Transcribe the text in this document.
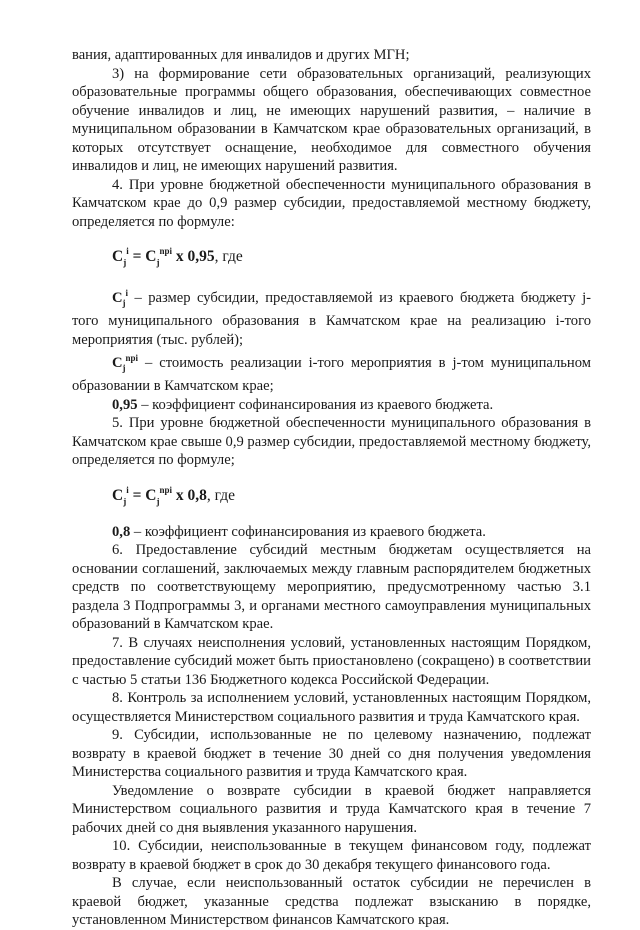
вания, адаптированных для инвалидов и других МГН;

3) на формирование сети образовательных организаций, реализующих образовательные программы общего образования, обеспечивающих совместное обучение инвалидов и лиц, не имеющих нарушений развития, – наличие в муниципальном образовании в Камчатском крае образовательных организаций, в которых отсутствует оснащение, необходимое для совместного обучения инвалидов и лиц, не имеющих нарушений развития.

4. При уровне бюджетной обеспеченности муниципального образования в Камчатском крае до 0,9 размер субсидии, предоставляемой местному бюджету, определяется по формуле:

$C_j^i = C_j^{npi}$ x 0,95, где

$C_j^i$ – размер субсидии, предоставляемой из краевого бюджета бюджету j-того муниципального образования в Камчатском крае на реализацию i-того мероприятия (тыс. рублей);

$C_j^{npi}$ – стоимость реализации i-того мероприятия в j-том муниципальном образовании в Камчатском крае;

0,95 – коэффициент софинансирования из краевого бюджета.

5. При уровне бюджетной обеспеченности муниципального образования в Камчатском крае свыше 0,9 размер субсидии, предоставляемой местному бюджету, определяется по формуле;

$C_j^i = C_j^{npi}$ x 0,8, где

0,8 – коэффициент софинансирования из краевого бюджета.

6. Предоставление субсидий местным бюджетам осуществляется на основании соглашений, заключаемых между главным распорядителем бюджетных средств по соответствующему мероприятию, предусмотренному частью 3.1 раздела 3 Подпрограммы 3, и органами местного самоуправления муниципальных образований в Камчатском крае.

7. В случаях неисполнения условий, установленных настоящим Порядком, предоставление субсидий может быть приостановлено (сокращено) в соответствии с частью 5 статьи 136 Бюджетного кодекса Российской Федерации.

8. Контроль за исполнением условий, установленных настоящим Порядком, осуществляется Министерством социального развития и труда Камчатского края.

9. Субсидии, использованные не по целевому назначению, подлежат возврату в краевой бюджет в течение 30 дней со дня получения уведомления Министерства социального развития и труда Камчатского края.

Уведомление о возврате субсидии в краевой бюджет направляется Министерством социального развития и труда Камчатского края в течение 7 рабочих дней со дня выявления указанного нарушения.

10. Субсидии, неиспользованные в текущем финансовом году, подлежат возврату в краевой бюджет в срок до 30 декабря текущего финансового года.

В случае, если неиспользованный остаток субсидии не перечислен в краевой бюджет, указанные средства подлежат взысканию в порядке, установленном Министерством финансов Камчатского края.
